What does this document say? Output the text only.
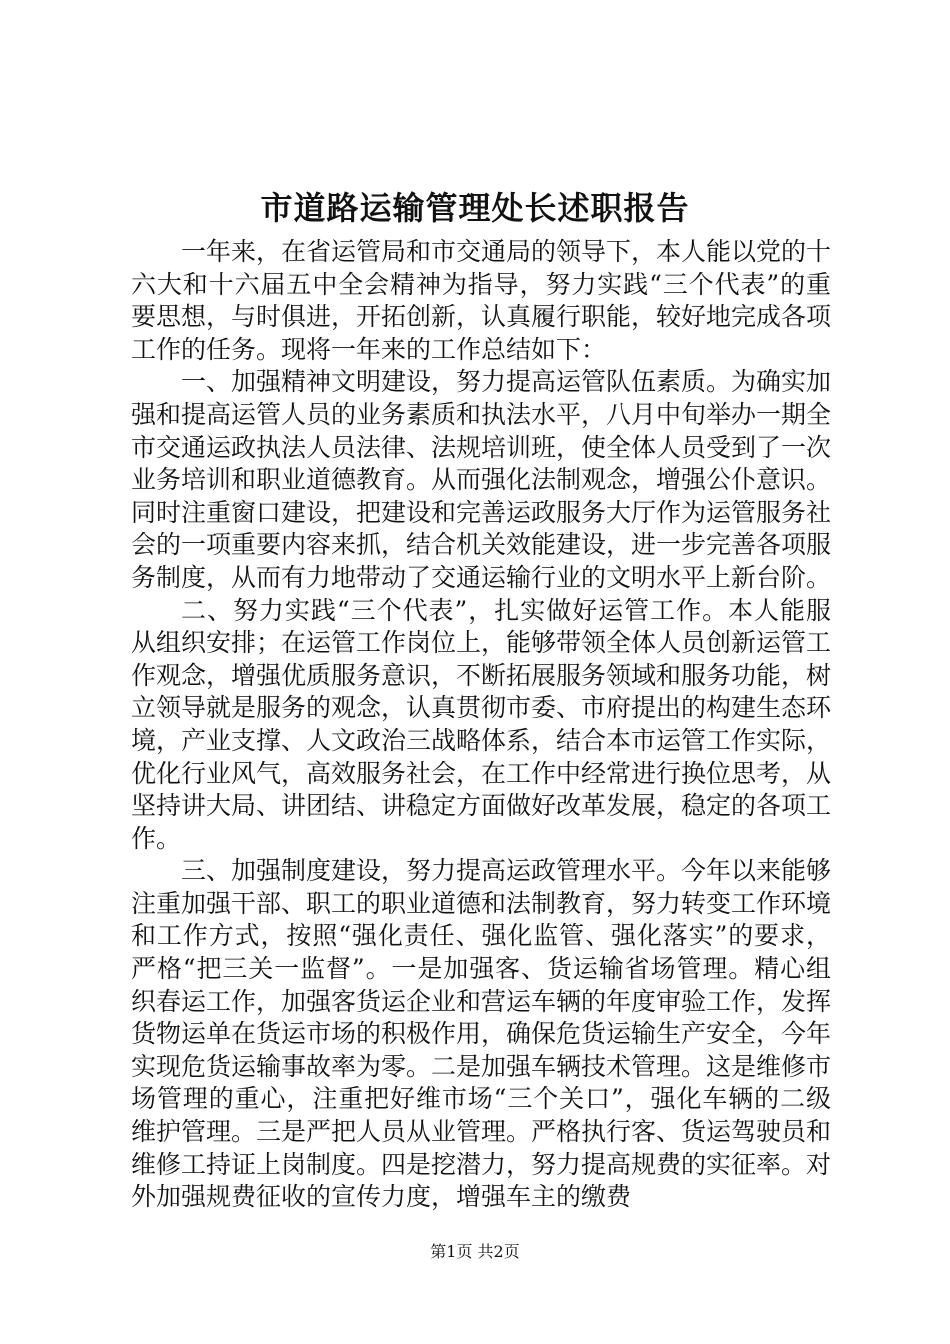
市道路运输管理处长述职报告

一年来，在省运管局和市交通局的领导下，本人能以党的十六大和十六届五中全会精神为指导，努力实践“三个代表”的重要思想，与时俱进，开拓创新，认真履行职能，较好地完成各项工作的任务。现将一年来的工作总结如下：

一、加强精神文明建设，努力提高运管队伍素质。为确实加强和提高运管人员的业务素质和执法水平，八月中旬举办一期全市交通运政执法人员法律、法规培训班，使全体人员受到了一次业务培训和职业道德教育。从而强化法制观念，增强公仆意识。同时注重窗口建设，把建设和完善运政服务大厅作为运管服务社会的一项重要内容来抓，结合机关效能建设，进一步完善各项服务制度，从而有力地带动了交通运输行业的文明水平上新台阶。

二、努力实践“三个代表”，扎实做好运管工作。本人能服从组织安排；在运管工作岗位上，能够带领全体人员创新运管工作观念，增强优质服务意识，不断拓展服务领域和服务功能，树立领导就是服务的观念，认真贯彻市委、市府提出的构建生态环境，产业支撑、人文政治三战略体系，结合本市运管工作实际，优化行业风气，高效服务社会，在工作中经常进行换位思考，从坚持讲大局、讲团结、讲稳定方面做好改革发展，稳定的各项工作。

三、加强制度建设，努力提高运政管理水平。今年以来能够注重加强干部、职工的职业道德和法制教育，努力转变工作环境和工作方式，按照“强化责任、强化监管、强化落实”的要求，严格“把三关一监督”。一是加强客、货运输省场管理。精心组织春运工作，加强客货运企业和营运车辆的年度审验工作，发挥货物运单在货运市场的积极作用，确保危货运输生产安全，今年实现危货运输事故率为零。二是加强车辆技术管理。这是维修市场管理的重心，注重把好维市场“三个关口”，强化车辆的二级维护管理。三是严把人员从业管理。严格执行客、货运驾驶员和维修工持证上岗制度。四是挖潜力，努力提高规费的实征率。对外加强规费征收的宣传力度，增强车主的缴费

第1页 共2页
